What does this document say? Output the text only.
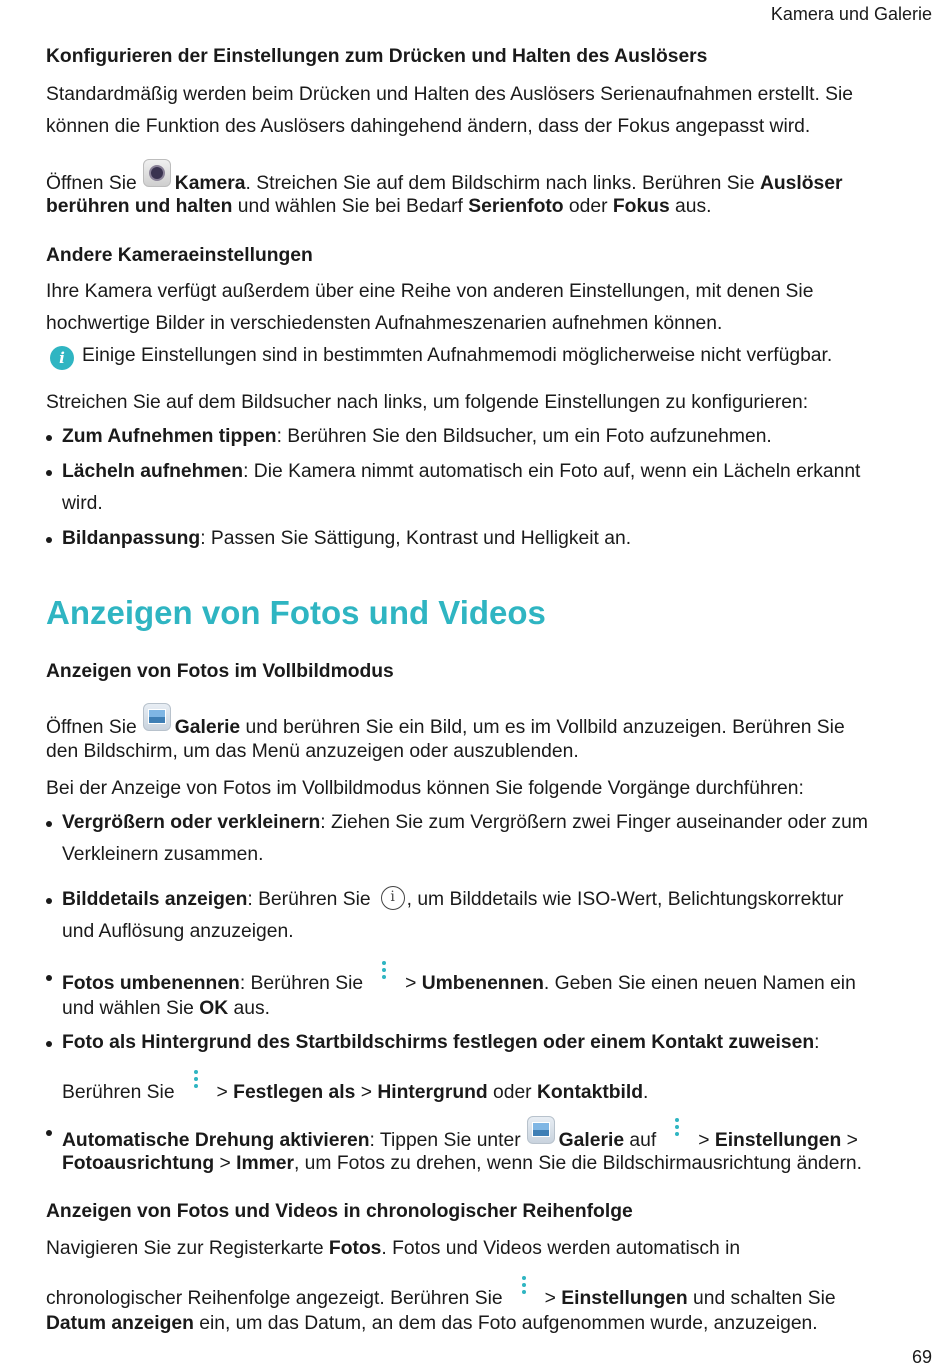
Kamera und Galerie
Konfigurieren der Einstellungen zum Drücken und Halten des Auslösers
Standardmäßig werden beim Drücken und Halten des Auslösers Serienaufnahmen erstellt. Sie
können die Funktion des Auslösers dahingehend ändern, dass der Fokus angepasst wird.
Öffnen Sie Kamera. Streichen Sie auf dem Bildschirm nach links. Berühren Sie Auslöser
berühren und halten und wählen Sie bei Bedarf Serienfoto oder Fokus aus.
Andere Kameraeinstellungen
Ihre Kamera verfügt außerdem über eine Reihe von anderen Einstellungen, mit denen Sie
hochwertige Bilder in verschiedensten Aufnahmeszenarien aufnehmen können.
i Einige Einstellungen sind in bestimmten Aufnahmemodi möglicherweise nicht verfügbar.
Streichen Sie auf dem Bildsucher nach links, um folgende Einstellungen zu konfigurieren:
Zum Aufnehmen tippen: Berühren Sie den Bildsucher, um ein Foto aufzunehmen.
Lächeln aufnehmen: Die Kamera nimmt automatisch ein Foto auf, wenn ein Lächeln erkannt
wird.
Bildanpassung: Passen Sie Sättigung, Kontrast und Helligkeit an.
Anzeigen von Fotos und Videos
Anzeigen von Fotos im Vollbildmodus
Öffnen Sie Galerie und berühren Sie ein Bild, um es im Vollbild anzuzeigen. Berühren Sie
den Bildschirm, um das Menü anzuzeigen oder auszublenden.
Bei der Anzeige von Fotos im Vollbildmodus können Sie folgende Vorgänge durchführen:
Vergrößern oder verkleinern: Ziehen Sie zum Vergrößern zwei Finger auseinander oder zum
Verkleinern zusammen.
Bilddetails anzeigen: Berühren Sie i , um Bilddetails wie ISO-Wert, Belichtungskorrektur
und Auflösung anzuzeigen.
Fotos umbenennen: Berühren Sie > Umbenennen. Geben Sie einen neuen Namen ein
und wählen Sie OK aus.
Foto als Hintergrund des Startbildschirms festlegen oder einem Kontakt zuweisen:
Berühren Sie > Festlegen als > Hintergrund oder Kontaktbild.
Automatische Drehung aktivieren: Tippen Sie unter Galerie auf > Einstellungen >
Fotoausrichtung > Immer, um Fotos zu drehen, wenn Sie die Bildschirmausrichtung ändern.
Anzeigen von Fotos und Videos in chronologischer Reihenfolge
Navigieren Sie zur Registerkarte Fotos. Fotos und Videos werden automatisch in
chronologischer Reihenfolge angezeigt. Berühren Sie > Einstellungen und schalten Sie
Datum anzeigen ein, um das Datum, an dem das Foto aufgenommen wurde, anzuzeigen.
69
